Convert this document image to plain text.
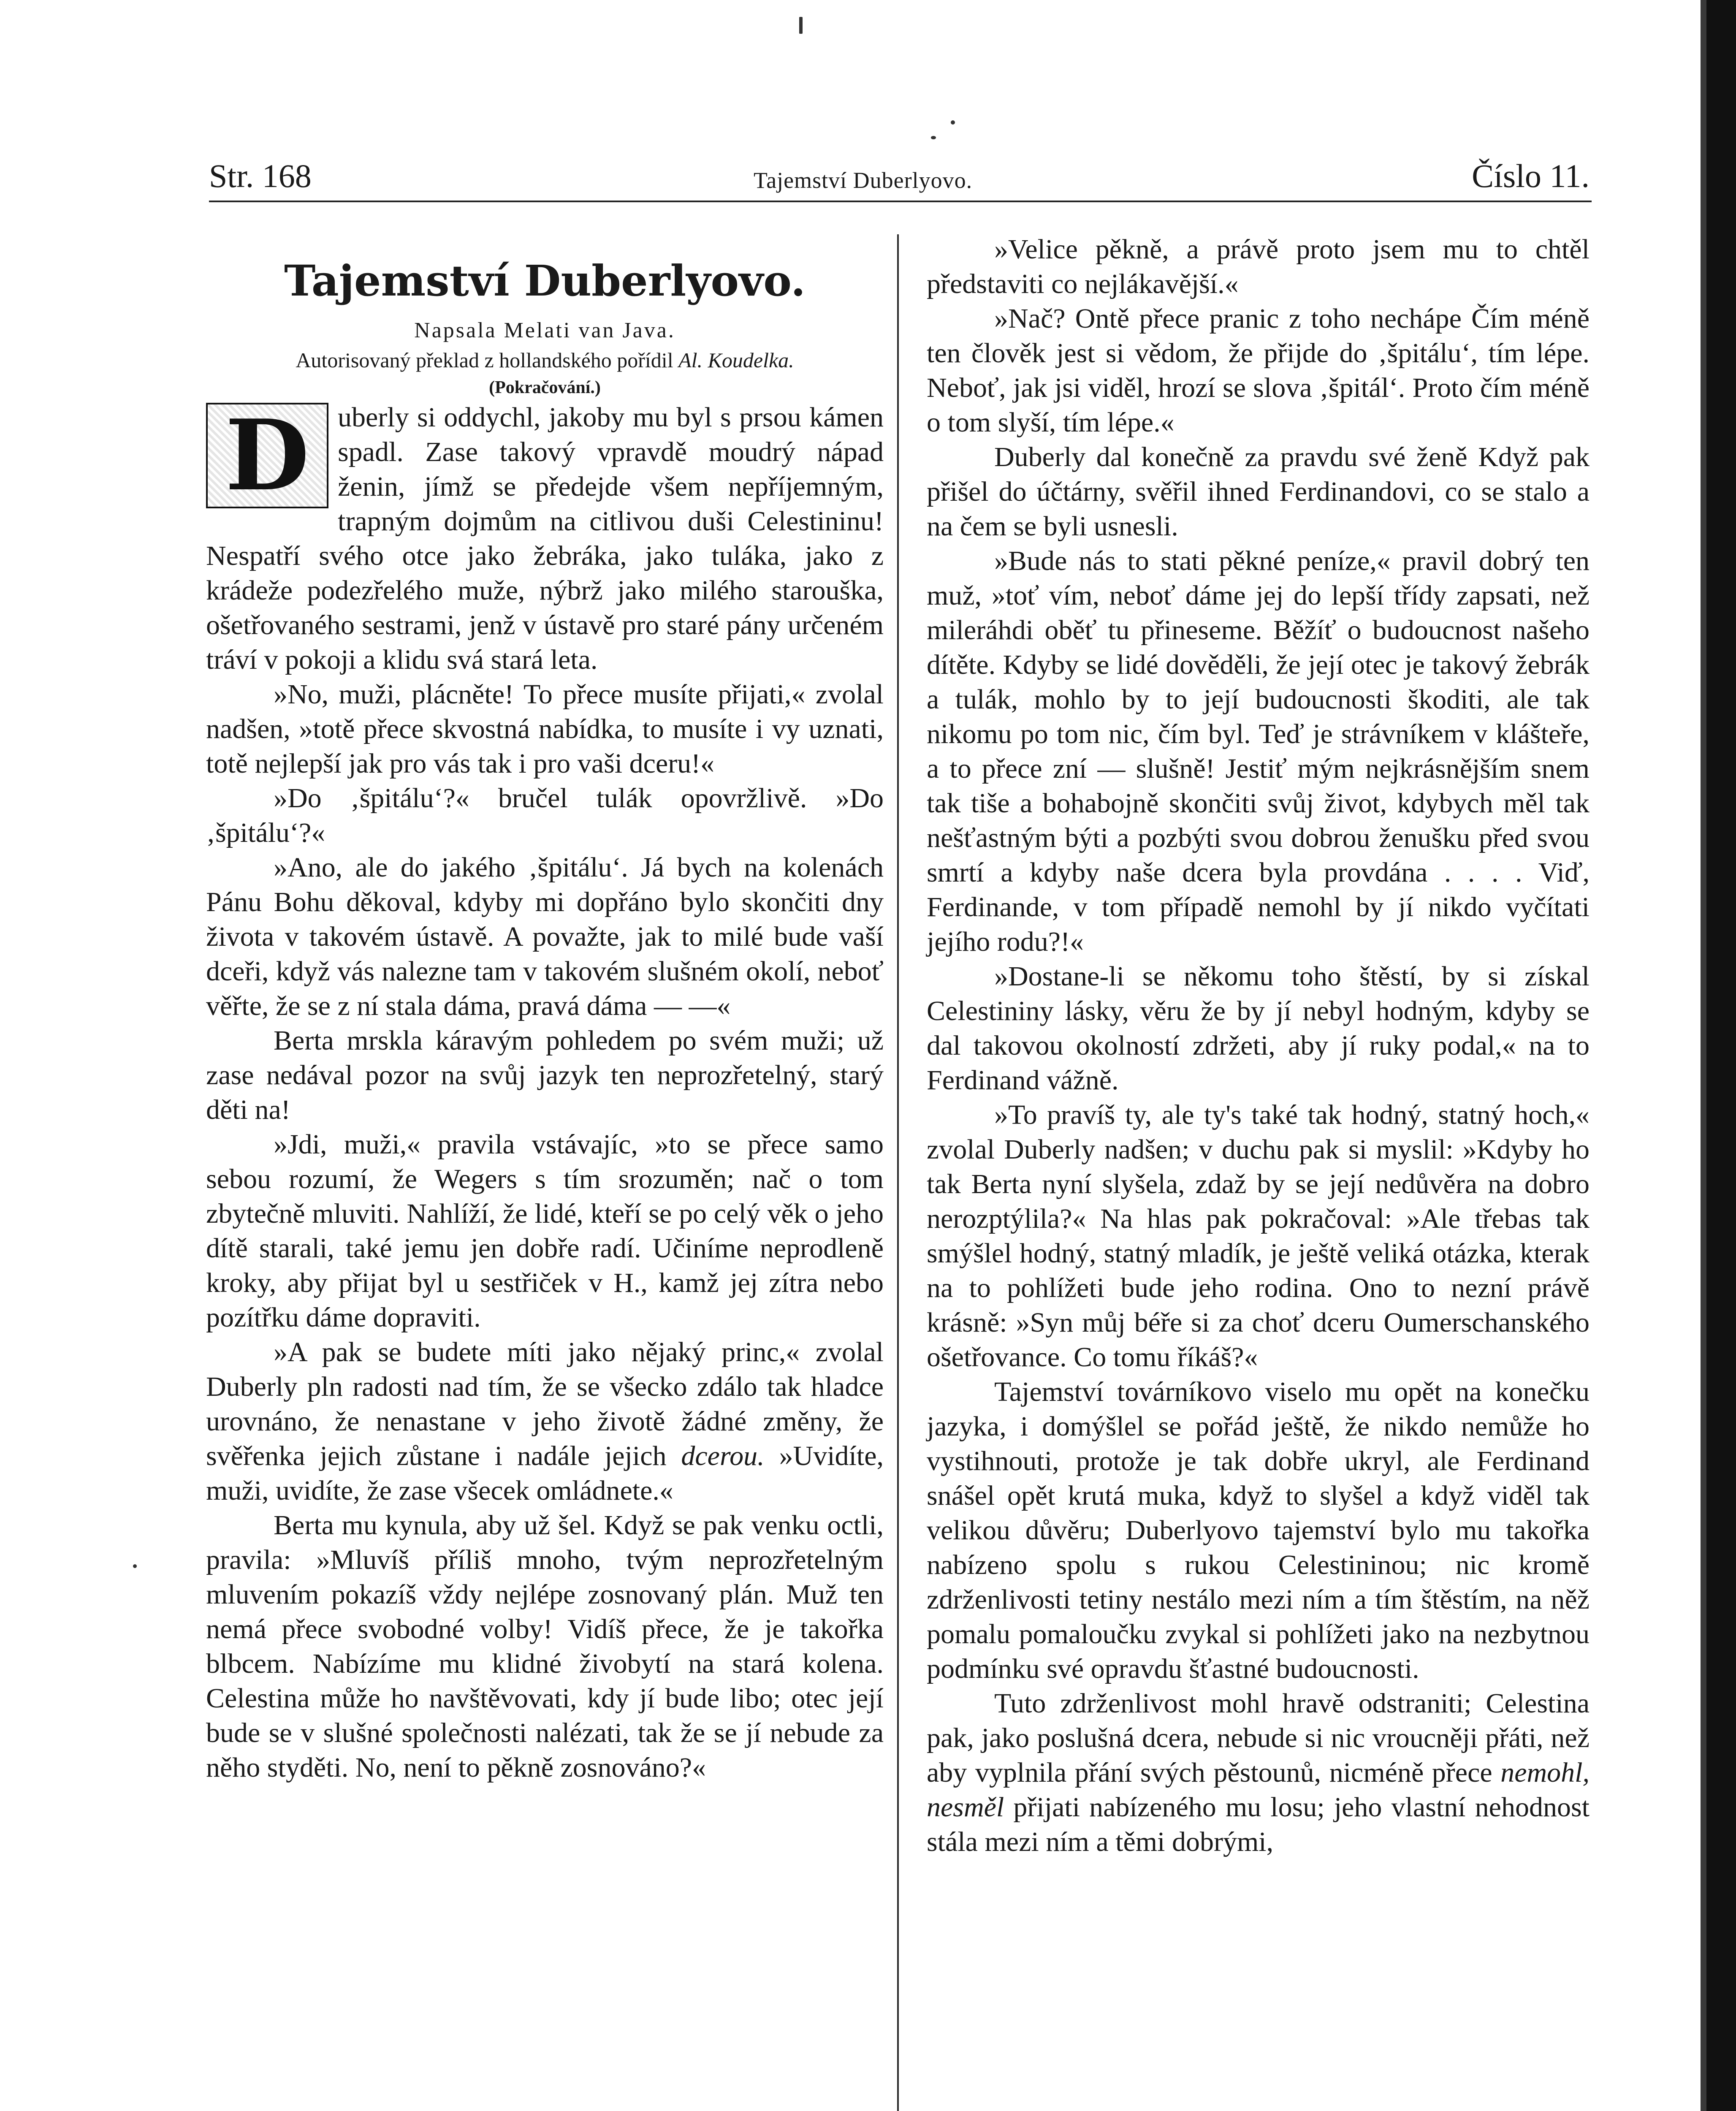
Str. 168	Tajemství Duberlyovo.	Číslo 11.
Tajemství Duberlyovo.

Napsala Melati van Java.

Autorisovaný překlad z hollandského pořídil Al. Koudelka.

(Pokračování.)

D	uberly si oddychl, jakoby mu byl s prsou kámen spadl. Zase takový vpravdě moudrý nápad ženin, jímž se předejde všem nepříjemným, trapným dojmům na citlivou duši Celestininu! Nespatří svého otce jako žebráka, jako tuláka, jako z krádeže podezřelého muže, nýbrž jako milého starouška, ošetřovaného sestrami, jenž v ústavě pro staré pány určeném tráví v pokoji a klidu svá stará leta.

»No, muži, plácněte! To přece musíte přijati,« zvolal nadšen, »totě přece skvostná nabídka, to musíte i vy uznati, totě nejlepší jak pro vás tak i pro vaši dceru!«

»Do ‚špitálu‘?« bručel tulák opovržlivě. »Do ‚špitálu‘?«

»Ano, ale do jakého ‚špitálu‘. Já bych na kolenách Pánu Bohu děkoval, kdyby mi dopřáno bylo skončiti dny života v takovém ústavě. A považte, jak to milé bude vaší dceři, když vás nalezne tam v takovém slušném okolí, neboť věřte, že se z ní stala dáma, pravá dáma — —«

Berta mrskla káravým pohledem po svém muži; už zase nedával pozor na svůj jazyk ten neprozřetelný, starý děti na!

»Jdi, muži,« pravila vstávajíc, »to se přece samo sebou rozumí, že Wegers s tím srozuměn; nač o tom zbytečně mluviti. Nahlíží, že lidé, kteří se po celý věk o jeho dítě starali, také jemu jen dobře radí. Učiníme neprodleně kroky, aby přijat byl u sestřiček v H., kamž jej zítra nebo pozítřku dáme dopraviti.

»A pak se budete míti jako nějaký princ,« zvolal Duberly pln radosti nad tím, že se všecko zdálo tak hladce urovnáno, že nenastane v jeho životě žádné změny, že svěřenka jejich zůstane i nadále jejich dcerou. »Uvidíte, muži, uvidíte, že zase všecek omládnete.«

Berta mu kynula, aby už šel. Když se pak venku octli, pravila: »Mluvíš příliš mnoho, tvým neprozřetelným mluvením pokazíš vždy nejlépe zosnovaný plán. Muž ten nemá přece svobodné volby! Vidíš přece, že je takořka blbcem. Nabízíme mu klidné živobytí na stará kolena. Celestina může ho navštěvovati, kdy jí bude libo; otec její bude se v slušné společnosti nalézati, tak že se jí nebude za něho styděti. No, není to pěkně zosnováno?«

»Velice pěkně, a právě proto jsem mu to chtěl představiti co nejlákavější.«

»Nač? Ontě přece pranic z toho nechápe Čím méně ten člověk jest si vědom, že přijde do ‚špitálu‘, tím lépe. Neboť, jak jsi viděl, hrozí se slova ‚špitál‘. Proto čím méně o tom slyší, tím lépe.«

Duberly dal konečně za pravdu své ženě Když pak přišel do účtárny, svěřil ihned Ferdinandovi, co se stalo a na čem se byli usnesli.

»Bude nás to stati pěkné peníze,« pravil dobrý ten muž, »toť vím, neboť dáme jej do lepší třídy zapsati, než mileráhdi oběť tu přineseme. Běžíť o budoucnost našeho dítěte. Kdyby se lidé dověděli, že její otec je takový žebrák a tulák, mohlo by to její budoucnosti škoditi, ale tak nikomu po tom nic, čím byl. Teď je strávníkem v klášteře, a to přece zní — slušně! Jestiť mým nejkrásnějším snem tak tiše a bohabojně skončiti svůj život, kdybych měl tak nešťastným býti a pozbýti svou dobrou ženušku před svou smrtí a kdyby naše dcera byla provdána . . . . Viď, Ferdinande, v tom případě nemohl by jí nikdo vyčítati jejího rodu?!«

»Dostane-li se někomu toho štěstí, by si získal Celestininy lásky, věru že by jí nebyl hodným, kdyby se dal takovou okolností zdržeti, aby jí ruky podal,« na to Ferdinand vážně.

»To pravíš ty, ale ty's také tak hodný, statný hoch,« zvolal Duberly nadšen; v duchu pak si myslil: »Kdyby ho tak Berta nyní slyšela, zdaž by se její nedůvěra na dobro nerozptýlila?« Na hlas pak pokračoval: »Ale třebas tak smýšlel hodný, statný mladík, je ještě veliká otázka, kterak na to pohlížeti bude jeho rodina. Ono to nezní právě krásně: »Syn můj béře si za choť dceru Oumerschanského ošetřovance. Co tomu říkáš?«

Tajemství továrníkovo viselo mu opět na konečku jazyka, i domýšlel se pořád ještě, že nikdo nemůže ho vystihnouti, protože je tak dobře ukryl, ale Ferdinand snášel opět krutá muka, když to slyšel a když viděl tak velikou důvěru; Duberlyovo tajemství bylo mu takořka nabízeno spolu s rukou Celestininou; nic kromě zdrženlivosti tetiny nestálo mezi ním a tím štěstím, na něž pomalu pomaloučku zvykal si pohlížeti jako na nezbytnou podmínku své opravdu šťastné budoucnosti.

Tuto zdrženlivost mohl hravě odstraniti; Celestina pak, jako poslušná dcera, nebude si nic vroucněji přáti, než aby vyplnila přání svých pěstounů, nicméně přece nemohl, nesměl přijati nabízeného mu losu; jeho vlastní nehodnost stála mezi ním a těmi dobrými,
